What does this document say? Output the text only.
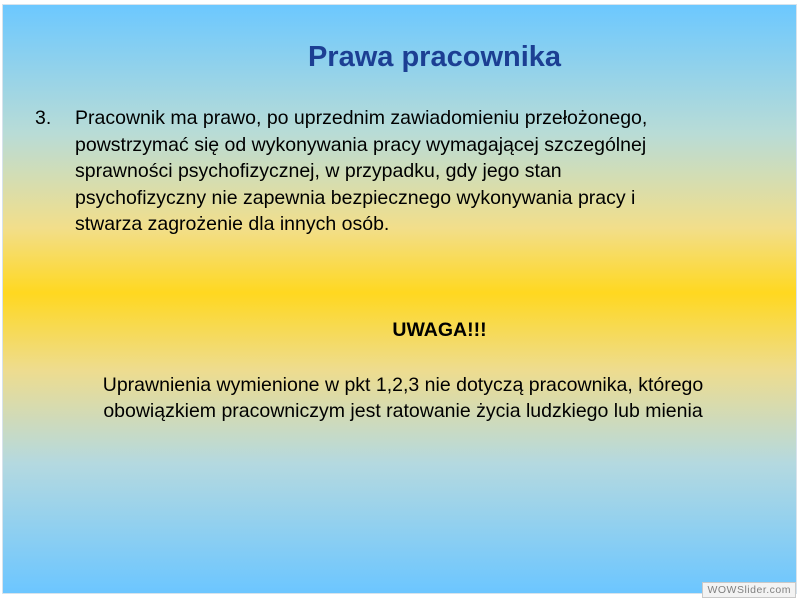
Prawa pracownika
3.	Pracownik ma prawo, po uprzednim zawiadomieniu przełożonego,
powstrzymać się od wykonywania pracy wymagającej szczególnej
sprawności psychofizycznej, w przypadku, gdy jego stan
psychofizyczny nie zapewnia bezpiecznego wykonywania pracy i
stwarza zagrożenie dla innych osób.
UWAGA!!!
Uprawnienia wymienione w pkt 1,2,3 nie dotyczą pracownika, którego
obowiązkiem pracowniczym jest ratowanie życia ludzkiego lub mienia
WOWSlider.com
